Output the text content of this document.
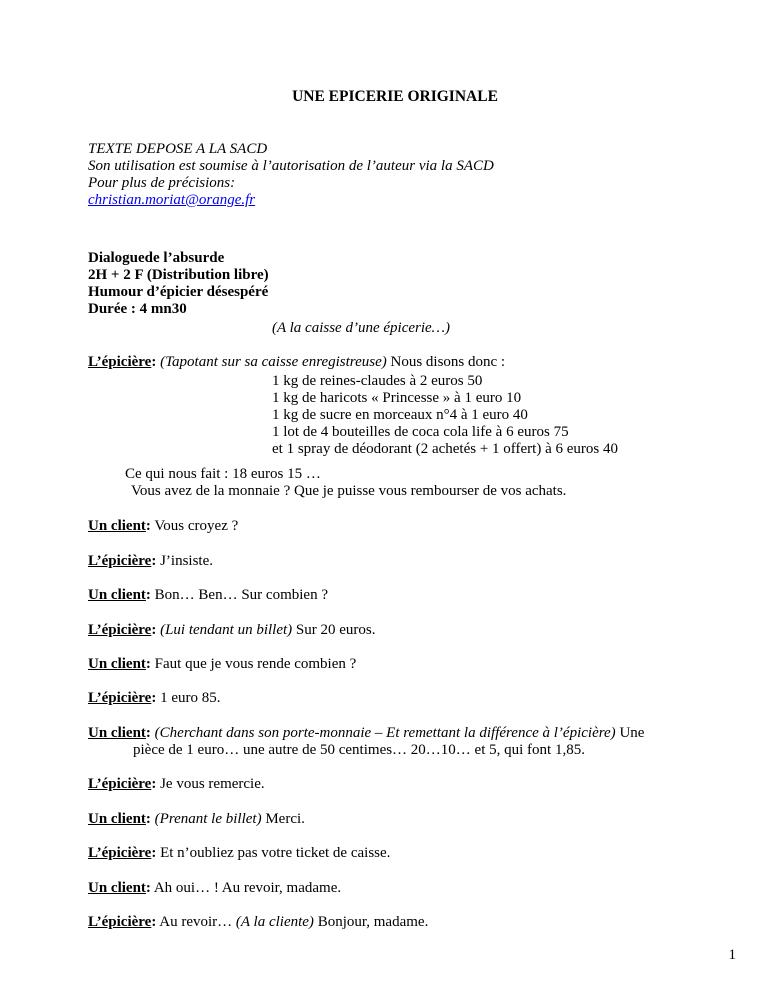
UNE EPICERIE ORIGINALE
TEXTE DEPOSE A LA SACD
Son utilisation est soumise à l’autorisation de l’auteur via la SACD
Pour plus de précisions:
christian.moriat@orange.fr
Dialoguede l’absurde
2H + 2 F (Distribution libre)
Humour d’épicier désespéré
Durée : 4 mn30
(A la caisse d’une épicerie…)
L’épicière: (Tapotant sur sa caisse enregistreuse) Nous disons donc :
1 kg de reines-claudes à 2 euros 50
1 kg de haricots « Princesse » à 1 euro 10
1 kg de sucre en morceaux n°4 à 1 euro 40
1 lot de 4 bouteilles de coca cola life à 6 euros 75
et 1 spray de déodorant (2 achetés + 1 offert) à 6 euros 40
Ce qui nous fait : 18 euros 15 …
Vous avez de la monnaie ? Que je puisse vous rembourser de vos achats.
Un client: Vous croyez ?
L’épicière: J’insiste.
Un client: Bon… Ben… Sur combien ?
L’épicière: (Lui tendant un billet) Sur 20 euros.
Un client: Faut que je vous rende combien ?
L’épicière: 1 euro 85.
Un client: (Cherchant dans son porte-monnaie – Et remettant la différence à l’épicière) Une
pièce de 1 euro… une autre de 50 centimes… 20…10… et 5, qui font 1,85.
L’épicière: Je vous remercie.
Un client: (Prenant le billet) Merci.
L’épicière: Et n’oubliez pas votre ticket de caisse.
Un client: Ah oui… ! Au revoir, madame.
L’épicière: Au revoir… (A la cliente) Bonjour, madame.
1
